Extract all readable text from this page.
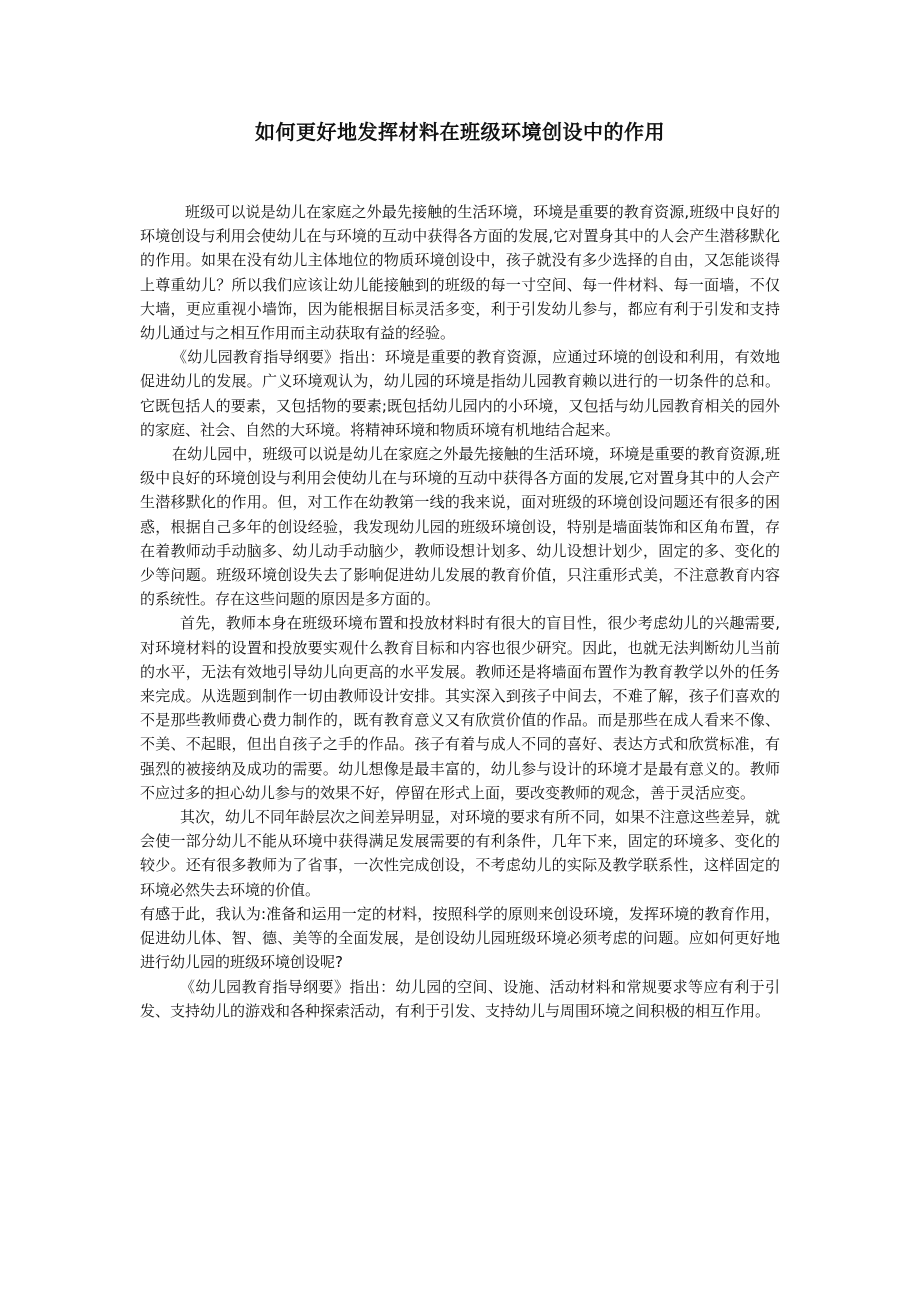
如何更好地发挥材料在班级环境创设中的作用

班级可以说是幼儿在家庭之外最先接触的生活环境，环境是重要的教育资源,班级中良好的环境创设与利用会使幼儿在与环境的互动中获得各方面的发展,它对置身其中的人会产生潜移默化的作用。如果在没有幼儿主体地位的物质环境创设中，孩子就没有多少选择的自由，又怎能谈得上尊重幼儿？所以我们应该让幼儿能接触到的班级的每一寸空间、每一件材料、每一面墙，不仅大墙，更应重视小墙饰，因为能根据目标灵活多变，利于引发幼儿参与，都应有利于引发和支持幼儿通过与之相互作用而主动获取有益的经验。

《幼儿园教育指导纲要》指出：环境是重要的教育资源，应通过环境的创设和利用，有效地促进幼儿的发展。广义环境观认为，幼儿园的环境是指幼儿园教育赖以进行的一切条件的总和。它既包括人的要素，又包括物的要素;既包括幼儿园内的小环境，又包括与幼儿园教育相关的园外的家庭、社会、自然的大环境。将精神环境和物质环境有机地结合起来。

在幼儿园中，班级可以说是幼儿在家庭之外最先接触的生活环境，环境是重要的教育资源,班级中良好的环境创设与利用会使幼儿在与环境的互动中获得各方面的发展,它对置身其中的人会产生潜移默化的作用。但，对工作在幼教第一线的我来说，面对班级的环境创设问题还有很多的困惑，根据自己多年的创设经验，我发现幼儿园的班级环境创设，特别是墙面装饰和区角布置，存在着教师动手动脑多、幼儿动手动脑少，教师设想计划多、幼儿设想计划少，固定的多、变化的少等问题。班级环境创设失去了影响促进幼儿发展的教育价值，只注重形式美，不注意教育内容的系统性。存在这些问题的原因是多方面的。

首先，教师本身在班级环境布置和投放材料时有很大的盲目性，很少考虑幼儿的兴趣需要,对环境材料的设置和投放要实观什么教育目标和内容也很少研究。因此，也就无法判断幼儿当前的水平，无法有效地引导幼儿向更高的水平发展。教师还是将墙面布置作为教育教学以外的任务来完成。从选题到制作一切由教师设计安排。其实深入到孩子中间去，不难了解，孩子们喜欢的不是那些教师费心费力制作的，既有教育意义又有欣赏价值的作品。而是那些在成人看来不像、不美、不起眼，但出自孩子之手的作品。孩子有着与成人不同的喜好、表达方式和欣赏标准，有强烈的被接纳及成功的需要。幼儿想像是最丰富的，幼儿参与设计的环境才是最有意义的。教师不应过多的担心幼儿参与的效果不好，停留在形式上面，要改变教师的观念，善于灵活应变。

其次，幼儿不同年龄层次之间差异明显，对环境的要求有所不同，如果不注意这些差异，就会使一部分幼儿不能从环境中获得满足发展需要的有利条件，几年下来，固定的环境多、变化的较少。还有很多教师为了省事，一次性完成创设，不考虑幼儿的实际及教学联系性，这样固定的环境必然失去环境的价值。

有感于此，我认为:准备和运用一定的材料，按照科学的原则来创设环境，发挥环境的教育作用，促进幼儿体、智、德、美等的全面发展，是创设幼儿园班级环境必须考虑的问题。应如何更好地进行幼儿园的班级环境创设呢?

《幼儿园教育指导纲要》指出：幼儿园的空间、设施、活动材料和常规要求等应有利于引发、支持幼儿的游戏和各种探索活动，有利于引发、支持幼儿与周围环境之间积极的相互作用。
